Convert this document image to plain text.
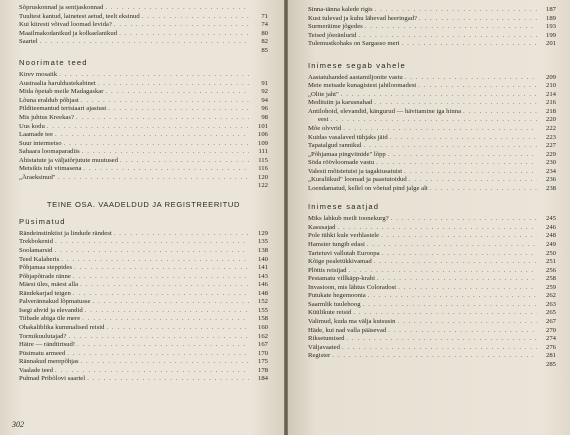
Sõpruskonnad ja sentjaskonnad
. . .
Tuultest kantud, lainetest aetud, teelt eksinud . . .	71
Kui kiiresti võivad loomad levida? . . .	74
Maailmakodanikud ja kolkaelanikud . . .	80
Saartel . . .	82
85
Noorimate teed
Kirev mosaiik
. . .
Austraalia haruldustekabinet . . .	91
Mida õpetab meile Madagaskar . . .	92
Lõuna eraldub põhjast . . .	94
Pilditeemantud tertsiaari ajastust . . .	96
Mis juhtus Kreekas? . . .	98
Uus kodu . . .	101
Laamade tee . . .	106
Suur intermetso . . .	109
Sahaara loomaparadiis . . .	111
Ahistatute ja väljatõrjutute muutused . . .	115
Metsikis tuli viimasena . . .	116
„Äraeksinud" . . .	120
122
TEINE OSA. VAADELDUD JA REGISTREERITUD
Püsimatud
Rändeinstinktist ja lindude rändest . . .	129
Trekbokenid . . .	135
Soolamarsid . . .	138
Teed Kalaheris . . .	140
Põhjamaa steppides . . .	141
Põhjapõtrade ränne . . .	143
Mäest üles, mäest alla . . .	146
Rändekarjad teigen . . .	148
Palverännakud lõpmatusse . . .	152
Isegi ahvid ja elevandid . . .	155
Tiibade abiga üle mere . . .	158
Ohakaliblika kummalised reisid . . .	160
Tormikuulutajad? . . .	162
Häire — rändtirtsud! . . .	167
Püsimatu armeed . . .	170
Rännakud merepõhjas . . .	175
Vaalade teed . . .	178
Pulmad Pribõlovi saartel . . .	184
302
Sinna-tänna kalede rigis . . .	187
Kust tulevad ja kuhu lähevad heeringad? . . .	189
Surmeräime jõgedes . . .	193
Teised jõeränlurid . . .	199
Tulemustkohaks on Sargasso meri . . .	201
Inimese segab vahele
Aastatuhanded aastamiljonite vastu . . .	209
Meie metsade kunagistest jahiloomadest . . .	210
„Olite jaht" . . .	214
Meditsiin ja karusnahad . . .	216
Antilohoid, elevandid, kängurud — hävitamine iga hinna . . .	218
eest . . .	220
Mõe olvvrid . . .	222
Kuidas vasalaved tühjaks jäid . . .	223
Tapatalgud rannikul . . .	227
„Põhjamaa pingviinide" lõpp . . .	229
Söda röövloomade vastu . . .	230
Valesti mõistetuist ja tagakiusatuist . . .	234
„Kuraliikud" loomad ja paastutoidud . . .	236
Loendamatud, kellel on võetud pind jalge alt . . .	238
Inimese saatjad
Miks lahkub meilt toonekurg? . . .	245
Kasusajad . . .	246
Pole tühki kule verhlastele . . .	248
Hamster tungib edasi . . .	249
Tartetuvi vallutab Euroopa . . .	250
Kõige pealetükkivamad . . .	251
Plöttis reisijad . . .	256
Pestamatu villkäpp-krabi . . .	258
Invasioon, mis lähtus Coloradost . . .	259
Putukate hegemoonia . . .	262
Saarmlik tuulehoog . . .	263
Küülikute reisid . . .	265
Valimud, kuda ma välja kutsusin . . .	267
Häde, kui nad valla pääsevad . . .	270
Riksetumised . . .	274
Väljavaated . . .	276
Register . . .	281
285
